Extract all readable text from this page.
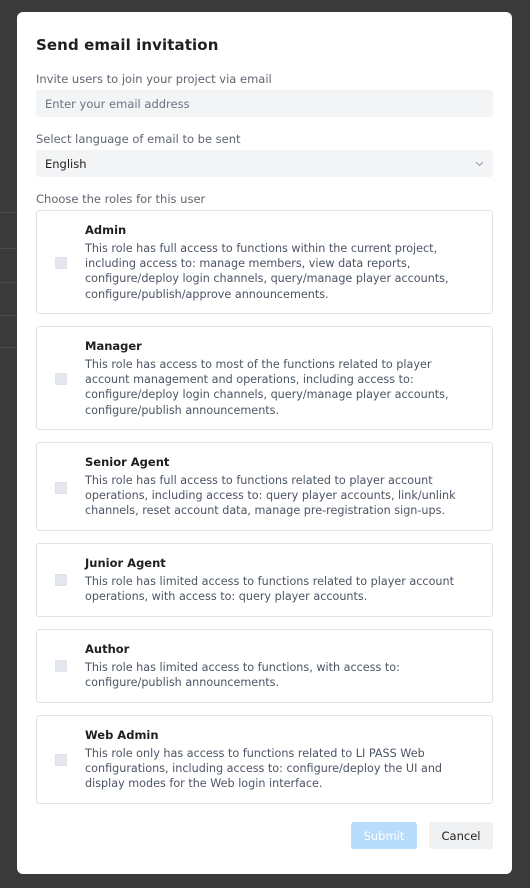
Send email invitation
Invite users to join your project via email
Enter your email address
Select language of email to be sent
English
Choose the roles for this user
Admin
This role has full access to functions within the current project, including access to: manage members, view data reports, configure/deploy login channels, query/manage player accounts, configure/publish/approve announcements.
Manager
This role has access to most of the functions related to player account management and operations, including access to: configure/deploy login channels, query/manage player accounts, configure/publish announcements.
Senior Agent
This role has full access to functions related to player account operations, including access to: query player accounts, link/unlink channels, reset account data, manage pre-registration sign-ups.
Junior Agent
This role has limited access to functions related to player account operations, with access to: query player accounts.
Author
This role has limited access to functions, with access to: configure/publish announcements.
Web Admin
This role only has access to functions related to LI PASS Web configurations, including access to: configure/deploy the UI and display modes for the Web login interface.
Submit	Cancel
